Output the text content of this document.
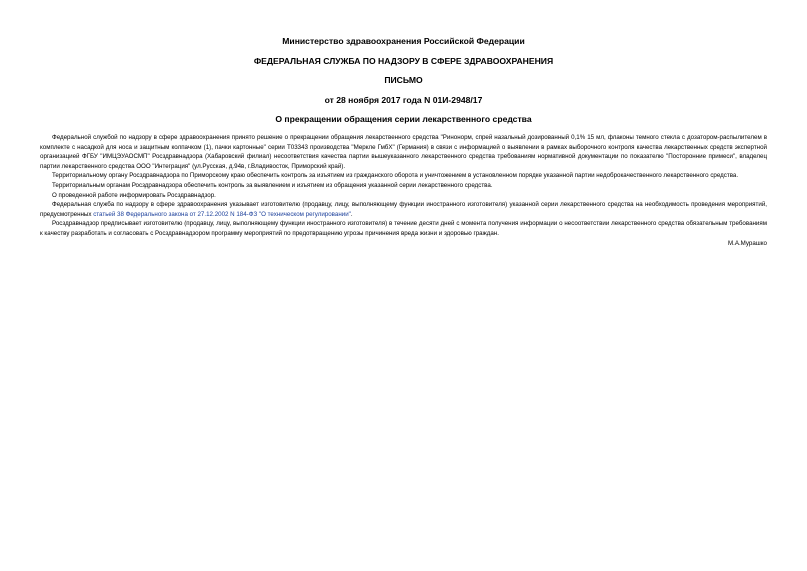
Министерство здравоохранения Российской Федерации
ФЕДЕРАЛЬНАЯ СЛУЖБА ПО НАДЗОРУ В СФЕРЕ ЗДРАВООХРАНЕНИЯ
ПИСЬМО
от 28 ноября 2017 года N 01И-2948/17
О прекращении обращения серии лекарственного средства

Федеральной службой по надзору в сфере здравоохранения принято решение о прекращении обращения лекарственного средства "Риноноpм, спрей назальный дозированный 0,1% 15 мл, флаконы темного стекла с дозатором-распылителем в комплекте с насадкой для носа и защитным колпачком (1), пачки картонные" серии Т03343 производства "Меркле ГмбХ" (Германия) в связи с информацией о выявлении в рамках выборочного контроля качества лекарственных средств экспертной организацией ФГБУ "ИМЦЭУАОСМП" Росздравнадзора (Хабаровский филиал) несоответствия качества партии вышеуказанного лекарственного средства требованиям нормативной документации по показателю "Посторонние примеси", владелец партии лекарственного средства ООО "Интеграция" (ул.Русская, д.94в, г.Владивосток, Приморский край).

Территориальному органу Росздравнадзора по Приморскому краю обеспечить контроль за изъятием из гражданского оборота и уничтожением в установленном порядке указанной партии недоброкачественного лекарственного средства.

Территориальным органам Росздравнадзора обеспечить контроль за выявлением и изъятием из обращения указанной серии лекарственного средства.

О проведенной работе информировать Росздравнадзор.

Федеральная служба по надзору в сфере здравоохранения указывает изготовителю (продавцу, лицу, выполняющему функции иностранного изготовителя) указанной серии лекарственного средства на необходимость проведения мероприятий, предусмотренных статьей 38 Федерального закона от 27.12.2002 N 184-ФЗ "О техническом регулировании".

Росздравнадзор предписывает изготовителю (продавцу, лицу, выполняющему функции иностранного изготовителя) в течение десяти дней с момента получения информации о несоответствии лекарственного средства обязательным требованиям к качеству разработать и согласовать с Росздравнадзором программу мероприятий по предотвращению угрозы причинения вреда жизни и здоровью граждан.

М.А.Мурашко
